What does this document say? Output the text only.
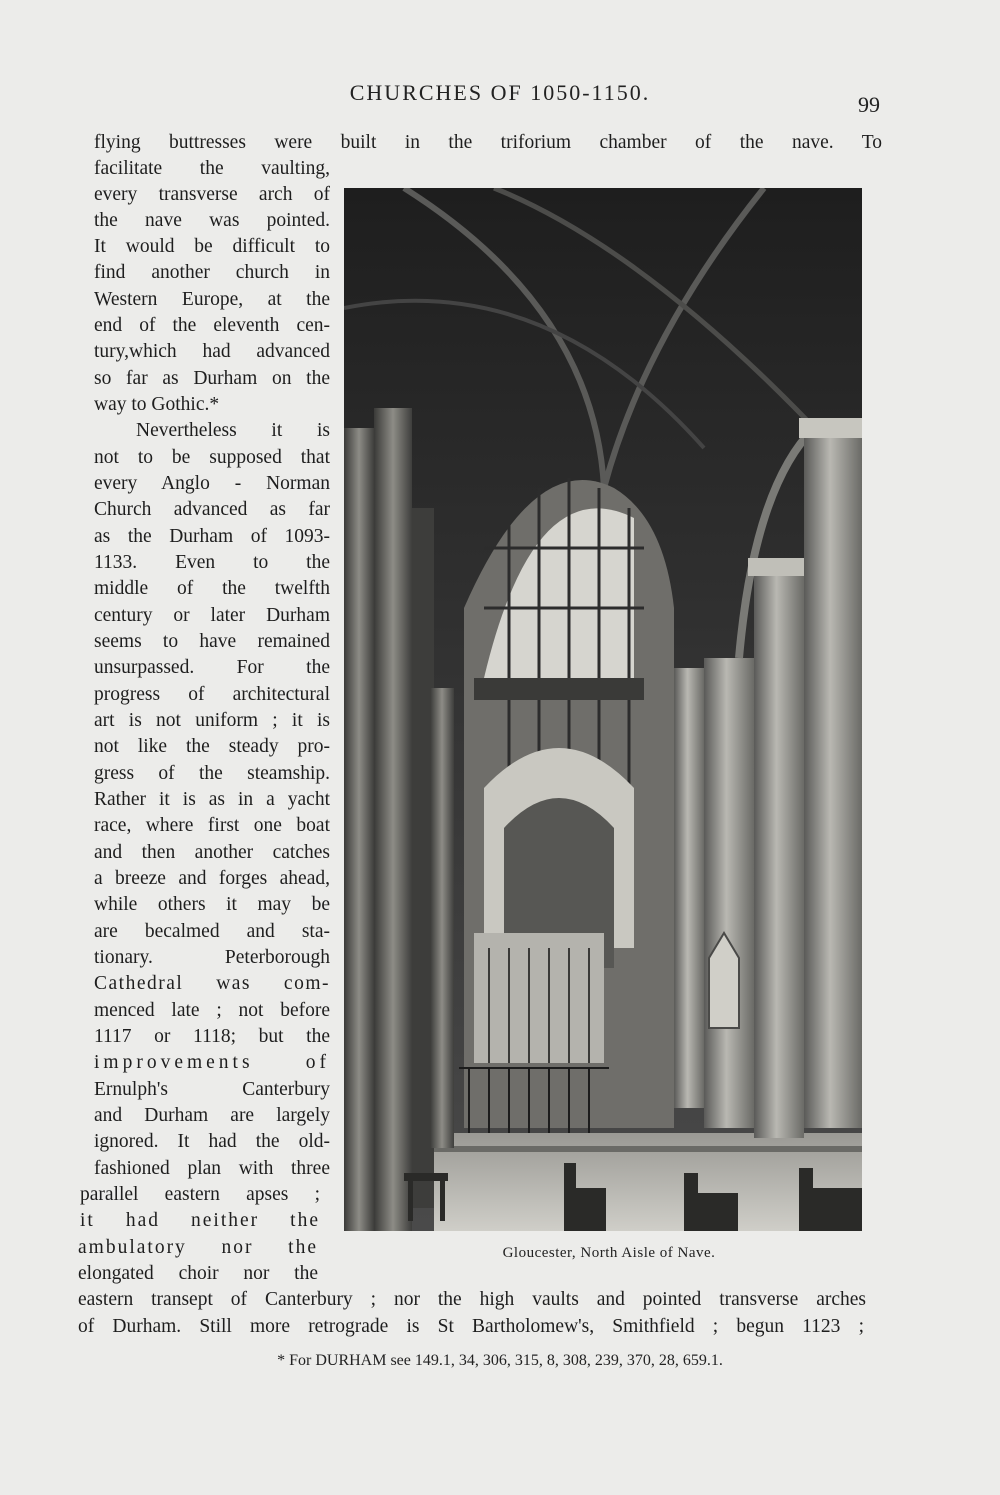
CHURCHES OF 1050-1150.	99
flying buttresses were built in the triforium chamber of the nave. To
facilitate the vaulting,
every transverse arch of
the nave was pointed.
It would be difficult to
find another church in
Western Europe, at the
end of the eleventh cen-
tury,which had advanced
so far as Durham on the
way to Gothic.*
Nevertheless it is
not to be supposed that
every Anglo - Norman
Church advanced as far
as the Durham of 1093-
1133. Even to the
middle of the twelfth
century or later Durham
seems to have remained
unsurpassed. For the
progress of architectural
art is not uniform ; it is
not like the steady pro-
gress of the steamship.
Rather it is as in a yacht
race, where first one boat
and then another catches
a breeze and forges ahead,
while others it may be
are becalmed and sta-
tionary. Peterborough
Cathedral was com-
menced late ; not before
1117 or 1118; but the
improvements of
Ernulph's Canterbury
and Durham are largely
ignored. It had the old-
fashioned plan with three
parallel eastern apses ;
it had neither the
ambulatory nor the
elongated choir nor the
eastern transept of Canterbury ; nor the high vaults and pointed transverse arches
of Durham. Still more retrograde is St Bartholomew's, Smithfield ; begun 1123 ;
Gloucester, North Aisle of Nave.
* For DURHAM see 149.1, 34, 306, 315, 8, 308, 239, 370, 28, 659.1.
